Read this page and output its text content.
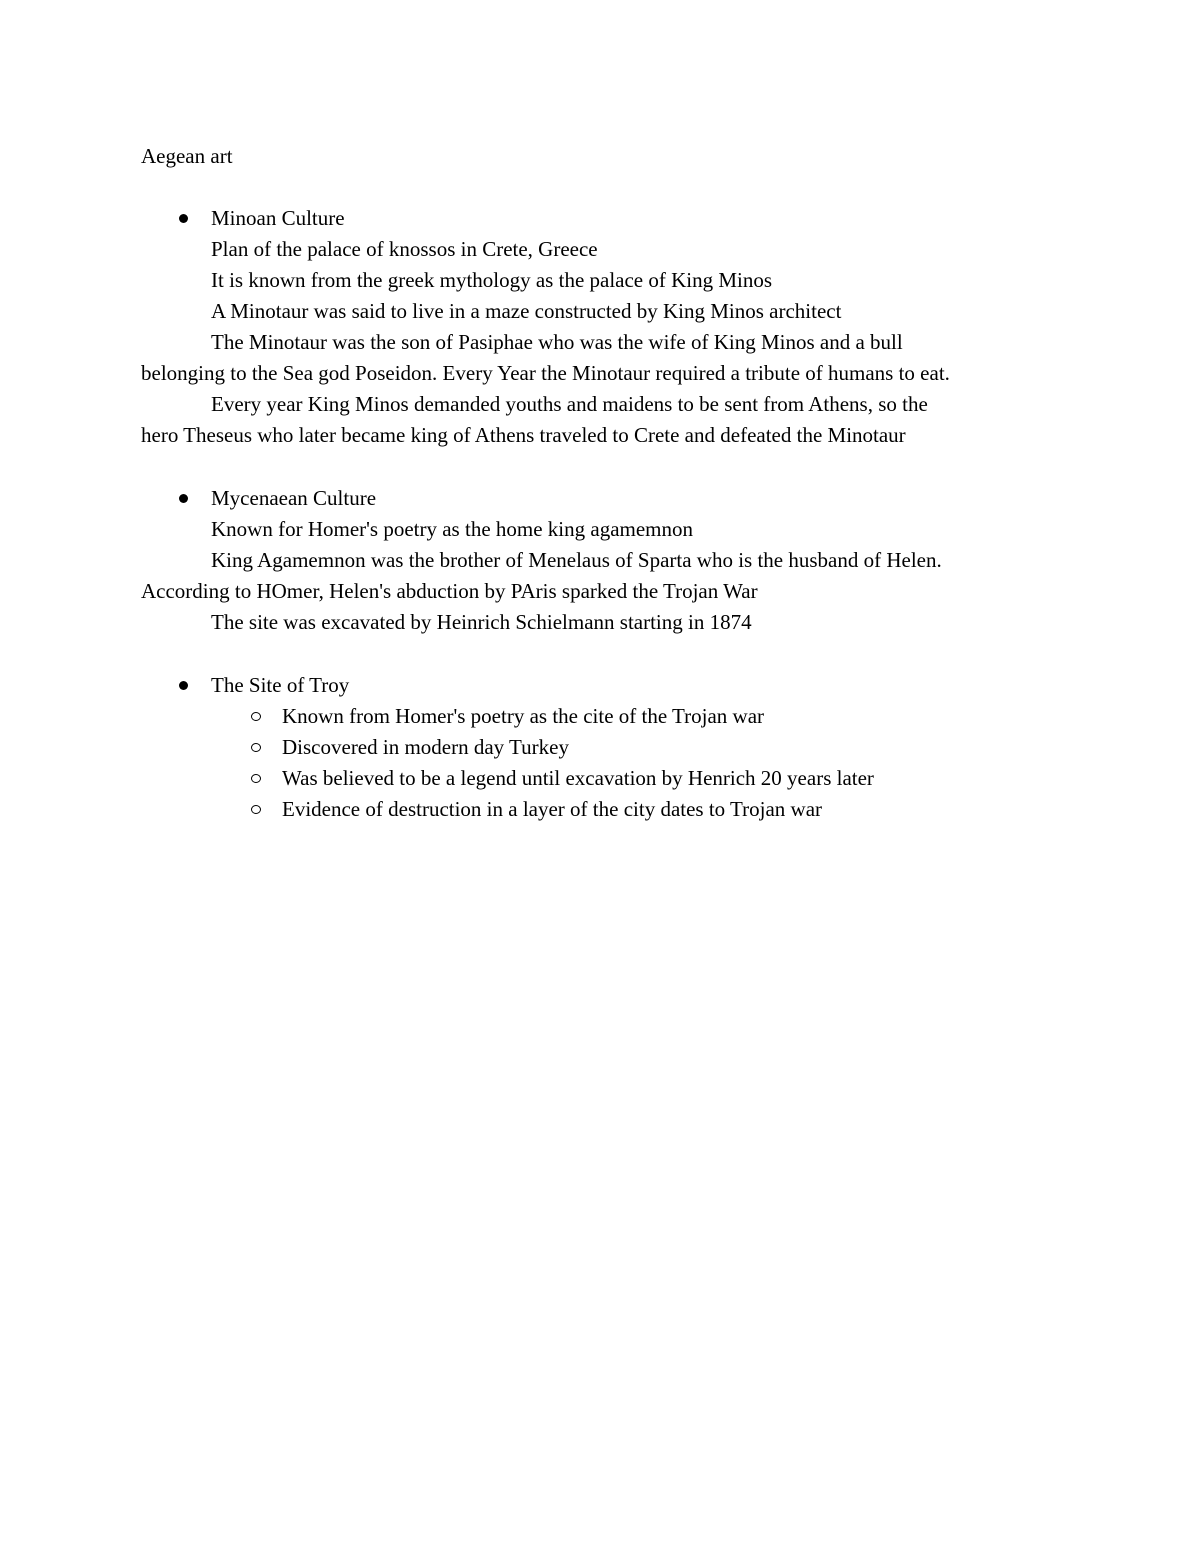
Aegean art
Minoan Culture
Plan of the palace of knossos in Crete, Greece
It is known from the greek mythology as the palace of King Minos
A Minotaur was said to live in a maze constructed by King Minos architect
The Minotaur was the son of Pasiphae who was the wife of King Minos and a bull
belonging to the Sea god Poseidon. Every Year the Minotaur required a tribute of humans to eat.
Every year King Minos demanded youths and maidens to be sent from Athens, so the
hero Theseus who later became king of Athens traveled to Crete and defeated the Minotaur
Mycenaean Culture
Known for Homer's poetry as the home king agamemnon
King Agamemnon was the brother of Menelaus of Sparta who is the husband of Helen.
According to HOmer, Helen's abduction by PAris sparked the Trojan War
The site was excavated by Heinrich Schielmann starting in 1874
The Site of Troy
Known from Homer's poetry as the cite of the Trojan war
Discovered in modern day Turkey
Was believed to be a legend until excavation by Henrich 20 years later
Evidence of destruction in a layer of the city dates to Trojan war
